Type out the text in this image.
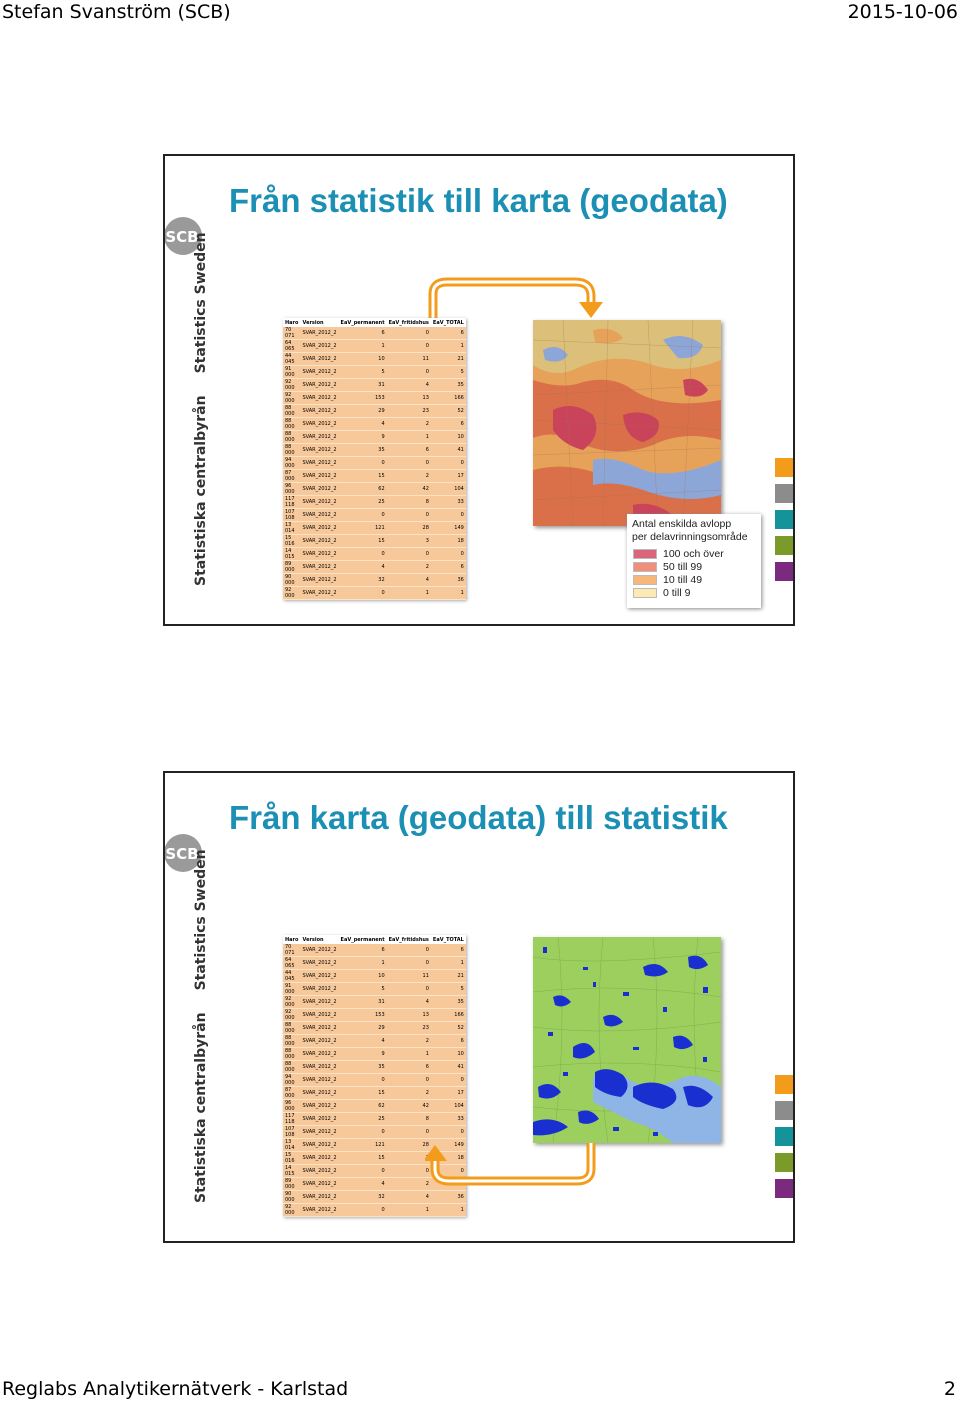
Stefan Svanström (SCB)	2015-10-06
SCB
Statistiska centralbyrånStatistics Sweden
Från statistik till karta (geodata)
Haro	Version	EaV_permanent	EaV_fritidshus	EaV_TOTAL
70 071	SVAR_2012_2	6	0	6
64 065	SVAR_2012_2	1	0	1
44 045	SVAR_2012_2	10	11	21
91 000	SVAR_2012_2	5	0	5
92 000	SVAR_2012_2	31	4	35
92 000	SVAR_2012_2	153	13	166
88 000	SVAR_2012_2	29	23	52
88 000	SVAR_2012_2	4	2	6
88 000	SVAR_2012_2	9	1	10
88 000	SVAR_2012_2	35	6	41
94 000	SVAR_2012_2	0	0	0
87 000	SVAR_2012_2	15	2	17
96 000	SVAR_2012_2	62	42	104
117 118	SVAR_2012_2	25	8	33
107 108	SVAR_2012_2	0	0	0
13 014	SVAR_2012_2	121	28	149
15 016	SVAR_2012_2	15	3	18
14 015	SVAR_2012_2	0	0	0
89 000	SVAR_2012_2	4	2	6
90 000	SVAR_2012_2	32	4	36
92 000	SVAR_2012_2	0	1	1
Antal enskilda avlopp
per delavrinningsområde
100 och över
50 till 99
10 till 49
0 till 9
SCB
Statistiska centralbyrånStatistics Sweden
Från karta (geodata) till statistik
Haro	Version	EaV_permanent	EaV_fritidshus	EaV_TOTAL
70 071	SVAR_2012_2	6	0	6
64 065	SVAR_2012_2	1	0	1
44 045	SVAR_2012_2	10	11	21
91 000	SVAR_2012_2	5	0	5
92 000	SVAR_2012_2	31	4	35
92 000	SVAR_2012_2	153	13	166
88 000	SVAR_2012_2	29	23	52
88 000	SVAR_2012_2	4	2	6
88 000	SVAR_2012_2	9	1	10
88 000	SVAR_2012_2	35	6	41
94 000	SVAR_2012_2	0	0	0
87 000	SVAR_2012_2	15	2	17
96 000	SVAR_2012_2	62	42	104
117 118	SVAR_2012_2	25	8	33
107 108	SVAR_2012_2	0	0	0
13 014	SVAR_2012_2	121	28	149
15 016	SVAR_2012_2	15		18
14 015	SVAR_2012_2	0	0	0
89 000	SVAR_2012_2	4	2	6
90 000	SVAR_2012_2	32	4	36
92 000	SVAR_2012_2	0	1	1
Reglabs Analytikernätverk - Karlstad	2
